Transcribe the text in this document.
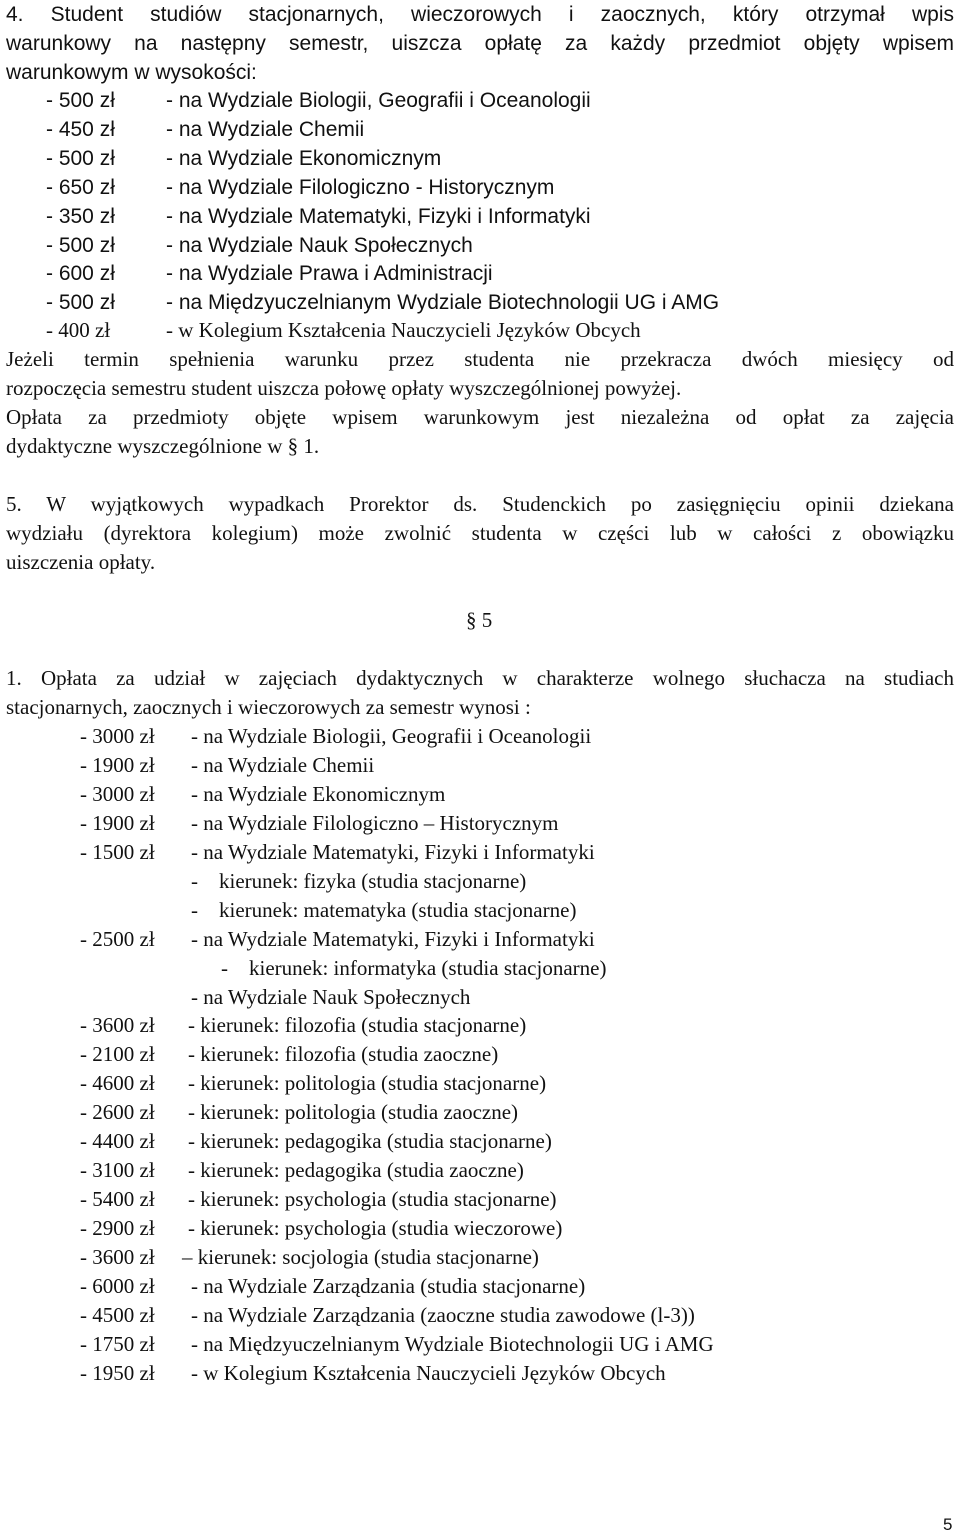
4. Student studiów stacjonarnych, wieczorowych i zaocznych, który otrzymał wpis
warunkowy na następny semestr, uiszcza opłatę za każdy przedmiot objęty wpisem
warunkowym w wysokości:
- 500 zł - na Wydziale Biologii, Geografii i Oceanologii
- 450 zł - na Wydziale Chemii
- 500 zł - na Wydziale Ekonomicznym
- 650 zł - na Wydziale Filologiczno - Historycznym
- 350 zł - na Wydziale Matematyki, Fizyki i Informatyki
- 500 zł - na Wydziale Nauk Społecznych
- 600 zł - na Wydziale Prawa i Administracji
- 500 zł - na Międzyuczelnianym Wydziale Biotechnologii UG i AMG
- 400 zł	- w Kolegium Kształcenia Nauczycieli Języków Obcych
Jeżeli termin spełnienia warunku przez studenta nie przekracza dwóch miesięcy od
rozpoczęcia semestru student uiszcza połowę opłaty wyszczególnionej powyżej.
Opłata za przedmioty objęte wpisem warunkowym jest niezależna od opłat za zajęcia
dydaktyczne wyszczególnione w § 1.
5. W wyjątkowych wypadkach Prorektor ds. Studenckich po zasięgnięciu opinii dziekana
wydziału (dyrektora kolegium) może zwolnić studenta w części lub w całości z obowiązku
uiszczenia opłaty.
§ 5
1. Opłata za udział w zajęciach dydaktycznych w charakterze wolnego słuchacza na studiach
stacjonarnych, zaocznych i wieczorowych za semestr wynosi :
- 3000 zł - na Wydziale Biologii, Geografii i Oceanologii
- 1900 zł - na Wydziale Chemii
- 3000 zł - na Wydziale Ekonomicznym
- 1900 zł - na Wydziale Filologiczno – Historycznym
- 1500 zł - na Wydziale Matematyki, Fizyki i Informatyki
-    kierunek: fizyka (studia stacjonarne)
-    kierunek: matematyka (studia stacjonarne)
- 2500 zł - na Wydziale Matematyki, Fizyki i Informatyki
-    kierunek: informatyka (studia stacjonarne)
- na Wydziale Nauk Społecznych
- 3600 zł - kierunek: filozofia (studia stacjonarne)
- 2100 zł - kierunek: filozofia (studia zaoczne)
- 4600 zł - kierunek: politologia (studia stacjonarne)
- 2600 zł - kierunek: politologia (studia zaoczne)
- 4400 zł - kierunek: pedagogika (studia stacjonarne)
- 3100 zł - kierunek: pedagogika (studia zaoczne)
- 5400 zł - kierunek: psychologia (studia stacjonarne)
- 2900 zł - kierunek: psychologia (studia wieczorowe)
- 3600 zł – kierunek: socjologia (studia stacjonarne)
- 6000 zł - na Wydziale Zarządzania (studia stacjonarne)
- 4500 zł - na Wydziale Zarządzania (zaoczne studia zawodowe (l-3))
- 1750 zł - na Międzyuczelnianym Wydziale Biotechnologii UG i AMG
- 1950 zł - w Kolegium Kształcenia Nauczycieli Języków Obcych
5
